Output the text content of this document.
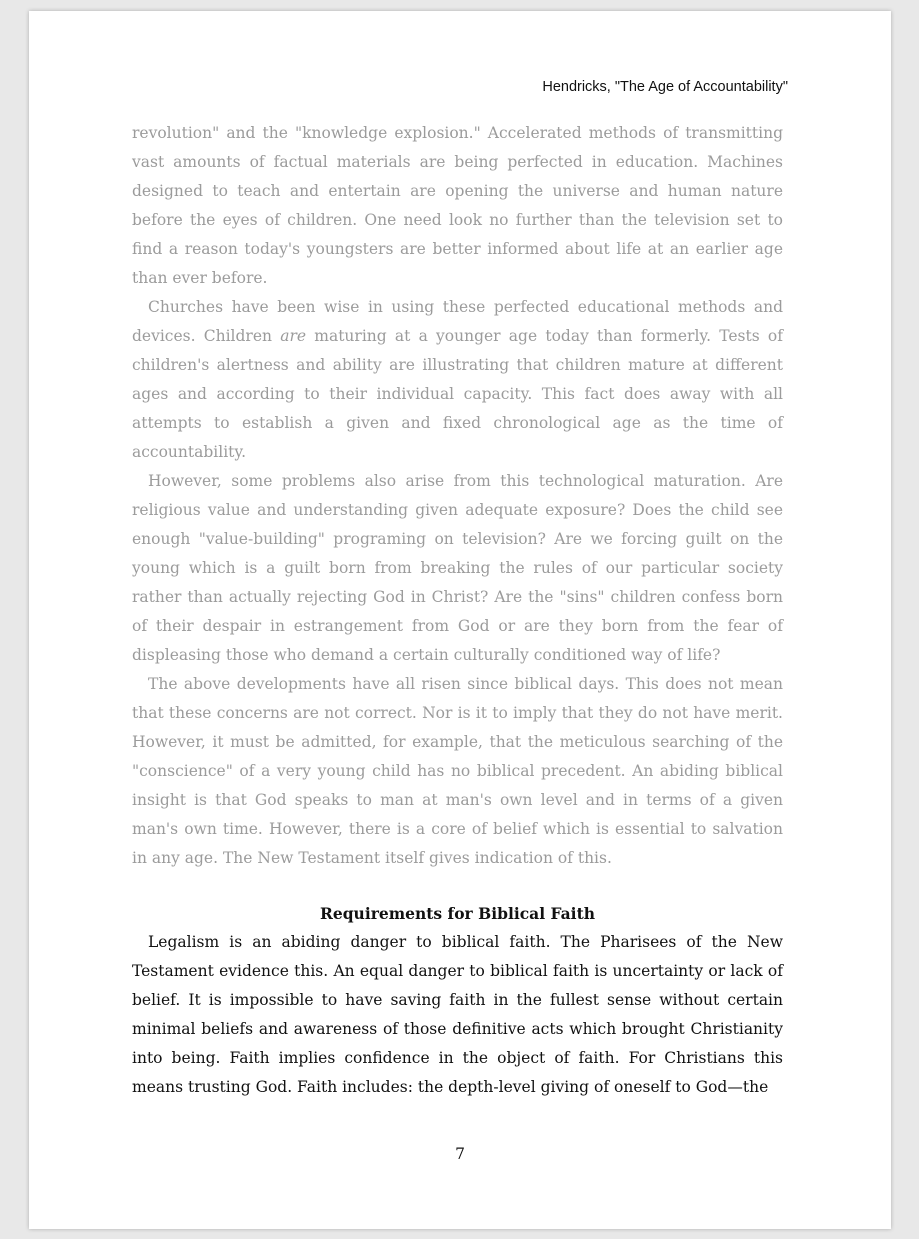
Hendricks, "The Age of Accountability"

revolution" and the "knowledge explosion." Accelerated methods of transmitting vast amounts of factual materials are being perfected in education. Machines designed to teach and entertain are opening the universe and human nature before the eyes of children. One need look no further than the television set to find a reason today's youngsters are better informed about life at an earlier age than ever before.

Churches have been wise in using these perfected educational methods and devices. Children are maturing at a younger age today than formerly. Tests of children's alertness and ability are illustrating that children mature at different ages and according to their individual capacity. This fact does away with all attempts to establish a given and fixed chronological age as the time of accountability.

However, some problems also arise from this technological maturation. Are religious value and understanding given adequate exposure? Does the child see enough "value-building" programing on television? Are we forcing guilt on the young which is a guilt born from breaking the rules of our particular society rather than actually rejecting God in Christ? Are the "sins" children confess born of their despair in estrangement from God or are they born from the fear of displeasing those who demand a certain culturally conditioned way of life?

The above developments have all risen since biblical days. This does not mean that these concerns are not correct. Nor is it to imply that they do not have merit. However, it must be admitted, for example, that the meticulous searching of the "conscience" of a very young child has no biblical precedent. An abiding biblical insight is that God speaks to man at man's own level and in terms of a given man's own time. However, there is a core of belief which is essential to salvation in any age. The New Testament itself gives indication of this.

Requirements for Biblical Faith

Legalism is an abiding danger to biblical faith. The Pharisees of the New Testament evidence this. An equal danger to biblical faith is uncertainty or lack of belief. It is impossible to have saving faith in the fullest sense without certain minimal beliefs and awareness of those definitive acts which brought Christianity into being. Faith implies confidence in the object of faith. For Christians this means trusting God. Faith includes: the depth-level giving of oneself to God—the

7
